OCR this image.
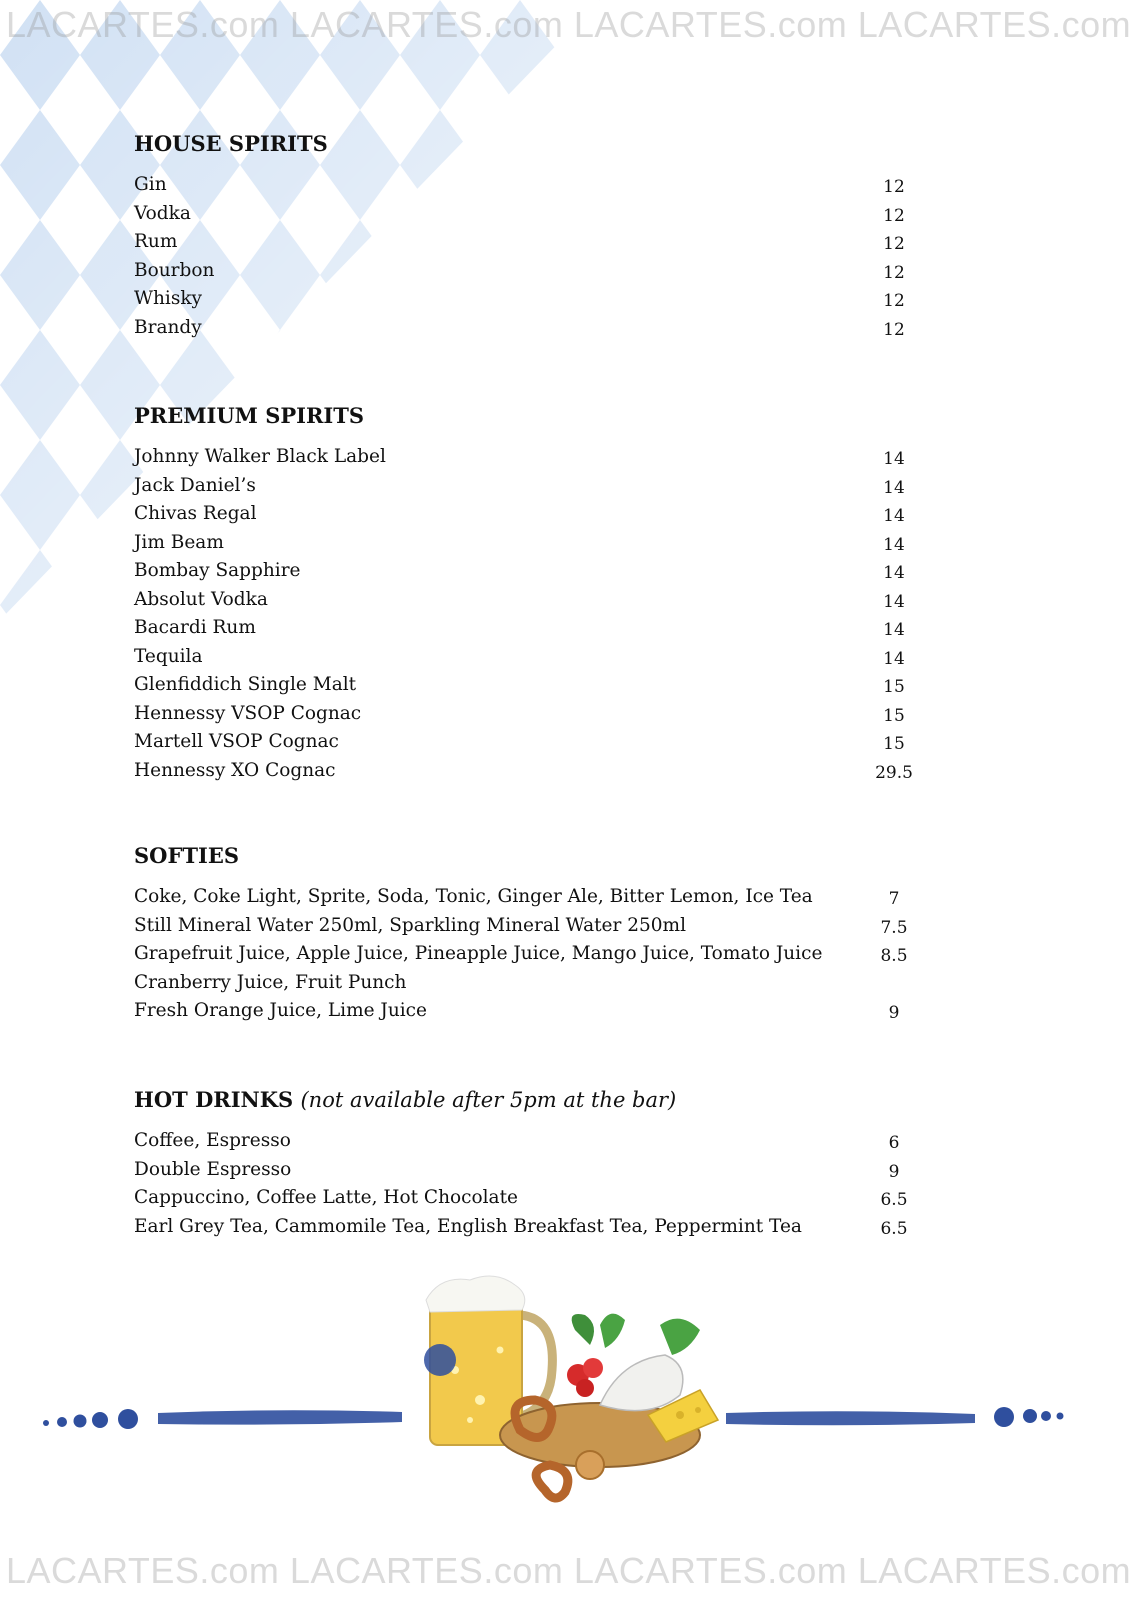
LACARTES.com LACARTES.com LACARTES.com LACARTES.com
HOUSE SPIRITS
Gin	12
Vodka	12
Rum	12
Bourbon	12
Whisky	12
Brandy	12
PREMIUM SPIRITS
Johnny Walker Black Label	14
Jack Daniel’s	14
Chivas Regal	14
Jim Beam	14
Bombay Sapphire	14
Absolut Vodka	14
Bacardi Rum	14
Tequila	14
Glenfiddich Single Malt	15
Hennessy VSOP Cognac	15
Martell VSOP Cognac	15
Hennessy XO Cognac	29.5
SOFTIES
Coke, Coke Light, Sprite, Soda, Tonic, Ginger Ale, Bitter Lemon, Ice Tea	7
Still Mineral Water 250ml, Sparkling Mineral Water 250ml	7.5
Grapefruit Juice, Apple Juice, Pineapple Juice, Mango Juice, Tomato Juice	8.5
Cranberry Juice, Fruit Punch
Fresh Orange Juice, Lime Juice	9
HOT DRINKS (not available after 5pm at the bar)
Coffee, Espresso	6
Double Espresso	9
Cappuccino, Coffee Latte, Hot Chocolate	6.5
Earl Grey Tea, Cammomile Tea, English Breakfast Tea, Peppermint Tea	6.5
LACARTES.com LACARTES.com LACARTES.com LACARTES.com
